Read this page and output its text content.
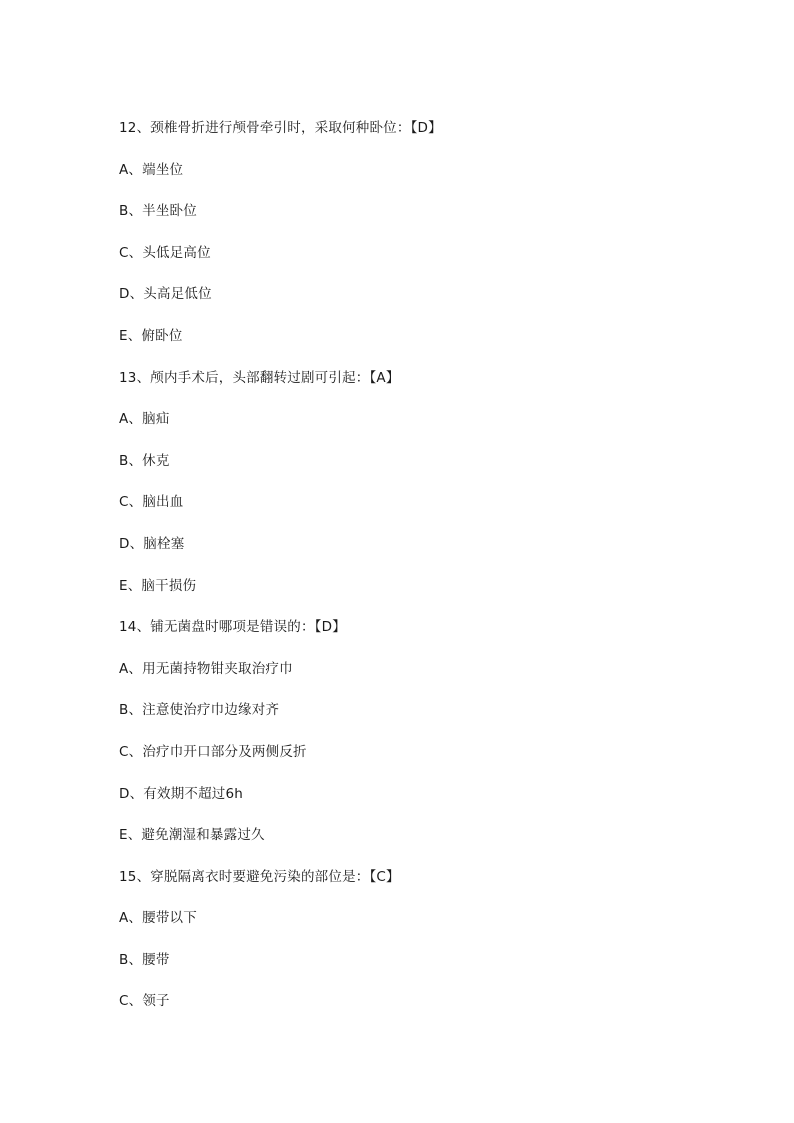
12、颈椎骨折进行颅骨牵引时，采取何种卧位：【D】
A、端坐位
B、半坐卧位
C、头低足高位
D、头高足低位
E、俯卧位
13、颅内手术后，头部翻转过剧可引起：【A】
A、脑疝
B、休克
C、脑出血
D、脑栓塞
E、脑干损伤
14、铺无菌盘时哪项是错误的：【D】
A、用无菌持物钳夹取治疗巾
B、注意使治疗巾边缘对齐
C、治疗巾开口部分及两侧反折
D、有效期不超过6h
E、避免潮湿和暴露过久
15、穿脱隔离衣时要避免污染的部位是：【C】
A、腰带以下
B、腰带
C、领子
